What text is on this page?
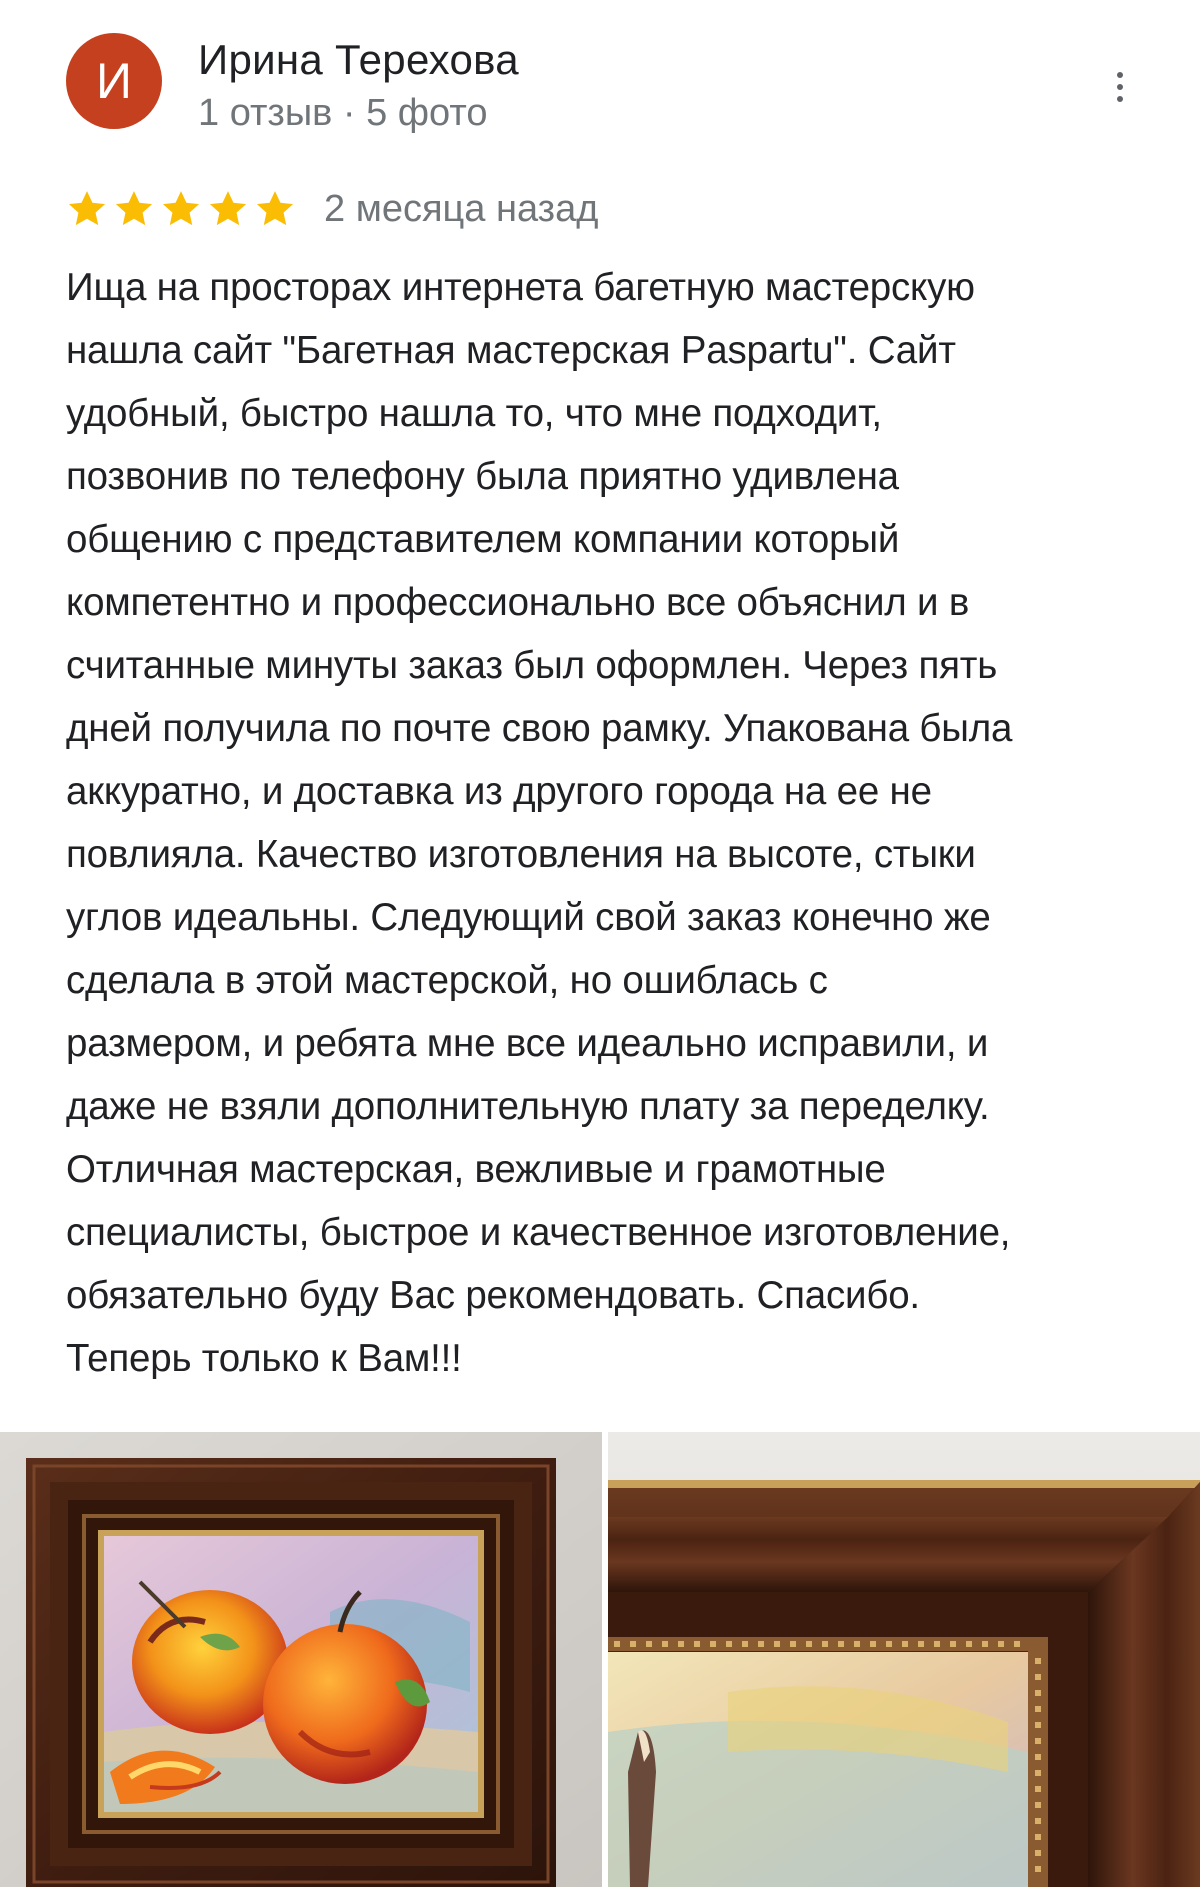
И Ирина Терехова
1 отзыв · 5 фото
2 месяца назад
Ища на просторах интернета багетную мастерскую
нашла сайт "Багетная мастерская Paspartu". Сайт
удобный, быстро нашла то, что мне подходит,
позвонив по телефону была приятно удивлена
общению с представителем компании который
компетентно и профессионально все объяснил и в
считанные минуты заказ был оформлен. Через пять
дней получила по почте свою рамку. Упакована была
аккуратно, и доставка из другого города на ее не
повлияла. Качество изготовления на высоте, стыки
углов идеальны. Следующий свой заказ конечно же
сделала в этой мастерской, но ошиблась с
размером, и ребята мне все идеально исправили, и
даже не взяли дополнительную плату за переделку.
Отличная мастерская, вежливые и грамотные
специалисты, быстрое и качественное изготовление,
обязательно буду Вас рекомендовать. Спасибо.
Теперь только к Вам!!!
